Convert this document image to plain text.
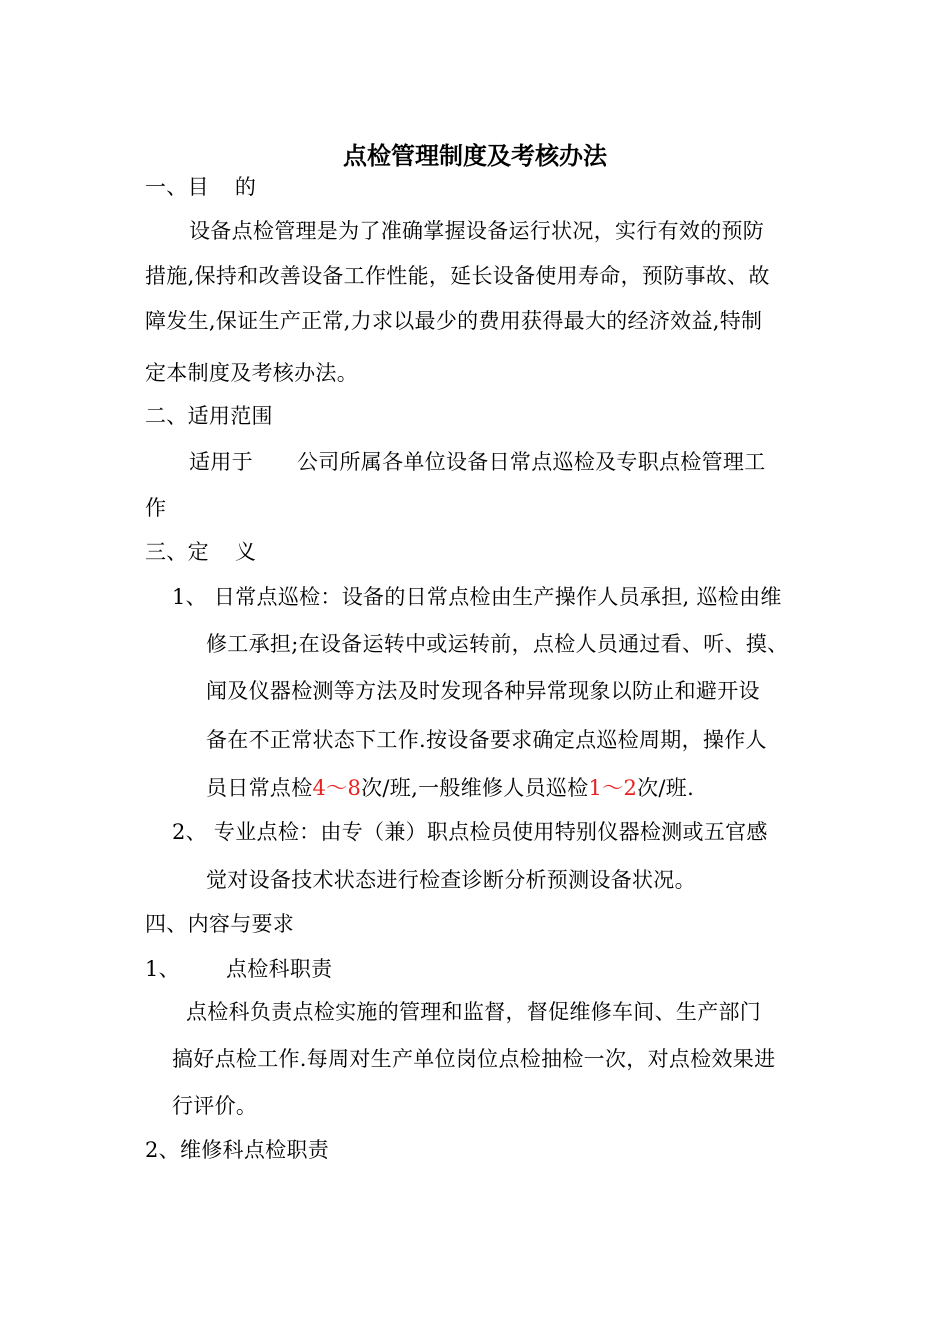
点检管理制度及考核办法
一、目 的
设备点检管理是为了准确掌握设备运行状况，实行有效的预防
措施,保持和改善设备工作性能，延长设备使用寿命，预防事故、故
障发生,保证生产正常,力求以最少的费用获得最大的经济效益,特制
定本制度及考核办法。
二、适用范围
适用于 公司所属各单位设备日常点巡检及专职点检管理工
作
三、定 义
1、 日常点巡检：设备的日常点检由生产操作人员承担, 巡检由维
修工承担;在设备运转中或运转前，点检人员通过看、听、摸、
闻及仪器检测等方法及时发现各种异常现象以防止和避开设
备在不正常状态下工作.按设备要求确定点巡检周期，操作人
员日常点检4～8次/班,一般维修人员巡检1～2次/班.
2、 专业点检：由专（兼）职点检员使用特别仪器检测或五官感
觉对设备技术状态进行检查诊断分析预测设备状况。
四、内容与要求
1、 点检科职责
点检科负责点检实施的管理和监督，督促维修车间、生产部门
搞好点检工作.每周对生产单位岗位点检抽检一次，对点检效果进
行评价。
2、维修科点检职责
